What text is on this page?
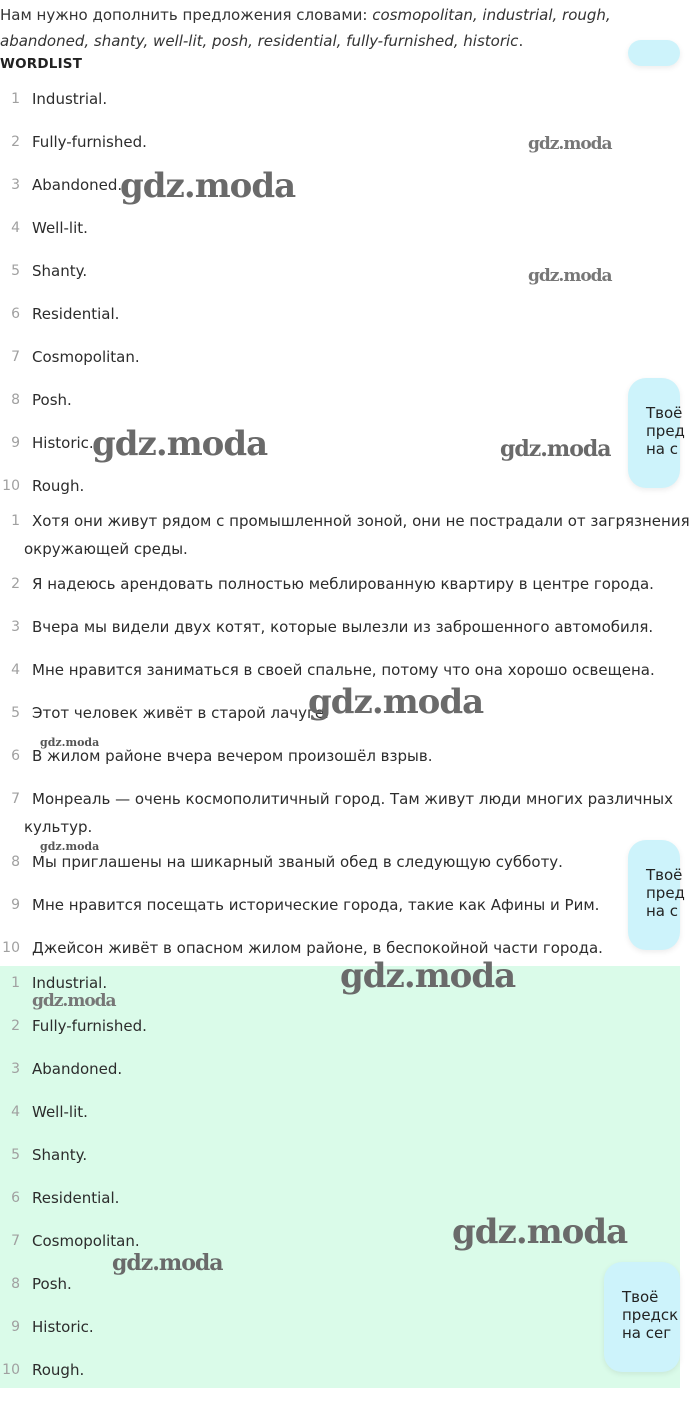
Нам нужно дополнить предложения словами: cosmopolitan, industrial, rough, abandoned, shanty, well-lit, posh, residential, fully-furnished, historic.
WORDLIST
1 Industrial.
2 Fully-furnished.
3 Abandoned.
4 Well-lit.
5 Shanty.
6 Residential.
7 Cosmopolitan.
8 Posh.
9 Historic.
10 Rough.
1 Хотя они живут рядом с промышленной зоной, они не пострадали от загрязнения
окружающей среды.
2 Я надеюсь арендовать полностью меблированную квартиру в центре города.
3 Вчера мы видели двух котят, которые вылезли из заброшенного автомобиля.
4 Мне нравится заниматься в своей спальне, потому что она хорошо освещена.
5 Этот человек живёт в старой лачуге.
6 В жилом районе вчера вечером произошёл взрыв.
7 Монреаль — очень космополитичный город. Там живут люди многих различных
культур.
8 Мы приглашены на шикарный званый обед в следующую субботу.
9 Мне нравится посещать исторические города, такие как Афины и Рим.
10 Джейсон живёт в опасном жилом районе, в беспокойной части города.
1 Industrial.
2 Fully-furnished.
3 Abandoned.
4 Well-lit.
5 Shanty.
6 Residential.
7 Cosmopolitan.
8 Posh.
9 Historic.
10 Rough.
gdz.moda
gdz.moda
gdz.moda
gdz.moda	gdz.moda
gdz.moda
gdz.moda
gdz.moda
gdz.moda
gdz.moda
gdz.moda
gdz.moda
Твоё
пред
на с
Твоё
пред
на с
Твоё
предск
на сег
